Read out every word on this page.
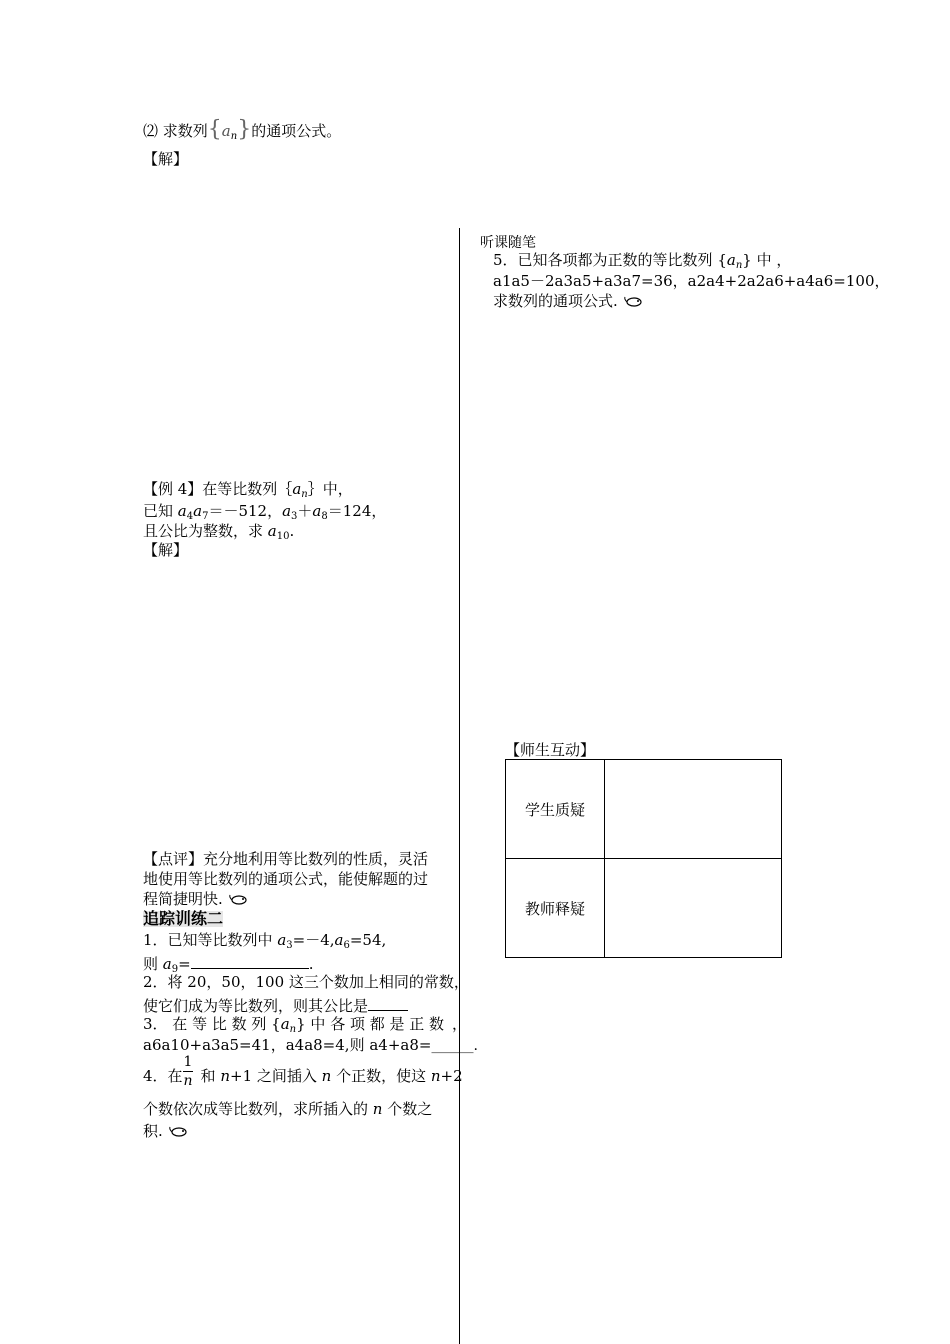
⑵ 求数列$\{a_n\}$的通项公式。
【解】
【例 4】在等比数列$\{a_n\}$中，
已知 $a_4a_7=-512$，$a_3+a_8=124$，
且公比为整数，求 $a_{10}$.
【解】
【点评】充分地利用等比数列的性质，灵活
地使用等比数列的通项公式，能使解题的过
程简捷明快.
追踪训练二
1．已知等比数列中 $a_3=-4,a_6=54$,
则 $a_9=$	.
2．将 20，50，100 这三个数加上相同的常数，
使它们成为等比数列，则其公比是
3． 在 等 比 数 列 $\{a_n\}$ 中 各 项 都 是 正 数 ，
a6a10+a3a5=41，a4a8=4,则 a4+a8=______.
4．在 和 n+1 之间插入 n 个正数，使这 n+2
1
n
个数依次成等比数列，求所插入的 n 个数之
积.
听课随笔
5．已知各项都为正数的等比数列 $\{a_n\}$ 中 ，
a1a5－2a3a5+a3a7=36，a2a4+2a2a6+a4a6=100，
求数列的通项公式.
【师生互动】
学生质疑
教师释疑
